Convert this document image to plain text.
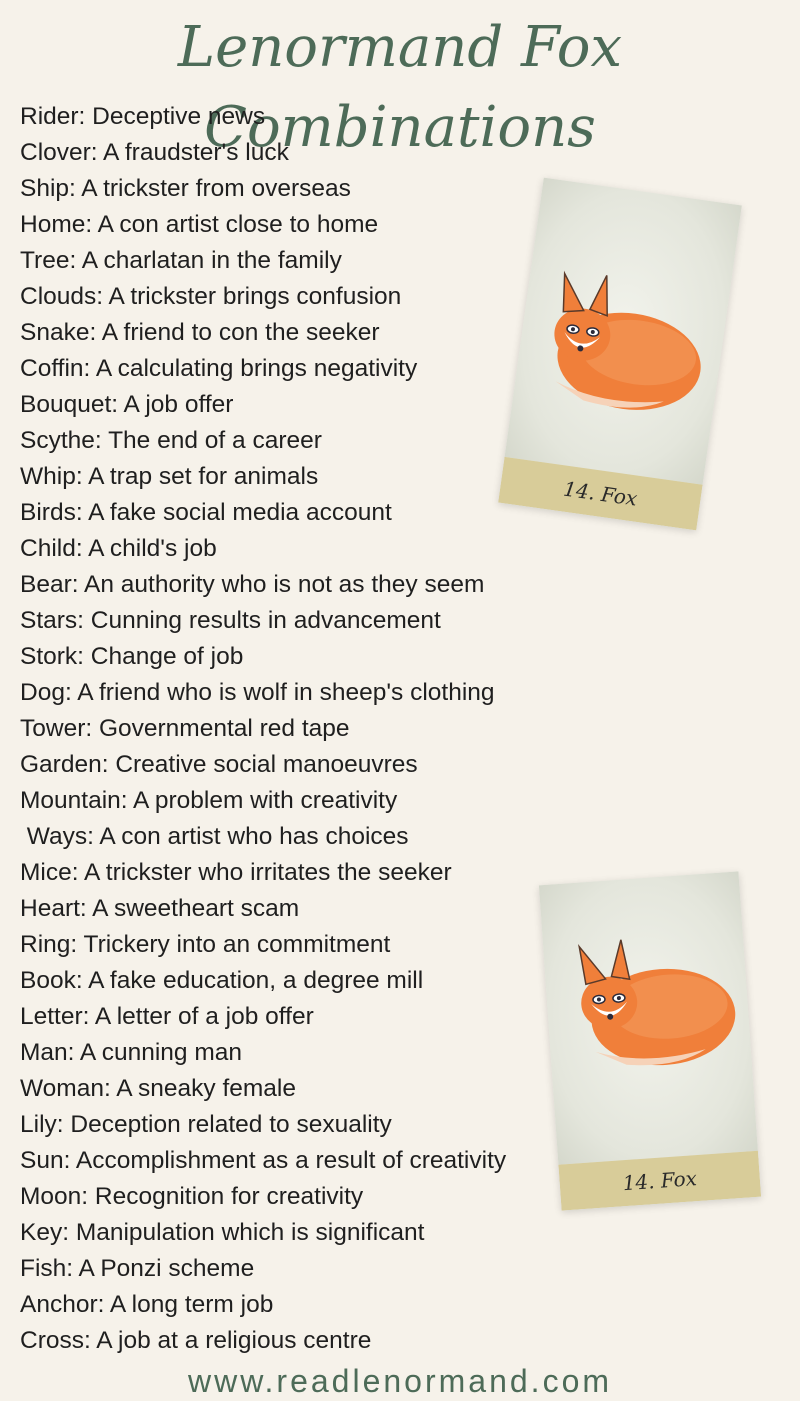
Lenormand Fox Combinations
Rider: Deceptive news
Clover: A fraudster's luck
Ship: A trickster from overseas
Home: A con artist close to home
Tree: A charlatan in the family
Clouds: A trickster brings confusion
Snake: A friend to con the seeker
Coffin: A calculating brings negativity
Bouquet: A job offer
Scythe: The end of a career
Whip: A trap set for animals
Birds: A fake social media account
Child: A child's job
Bear: An authority who is not as they seem
Stars: Cunning results in advancement
Stork: Change of job
Dog: A friend who is wolf in sheep's clothing
Tower: Governmental red tape
Garden: Creative social manoeuvres
Mountain: A problem with creativity
Ways: A con artist who has choices
Mice: A trickster who irritates the seeker
Heart: A sweetheart scam
Ring: Trickery into an commitment
Book: A fake education, a degree mill
Letter: A letter of a job offer
Man: A cunning man
Woman: A sneaky female
Lily: Deception related to sexuality
Sun: Accomplishment as a result of creativity
Moon: Recognition for creativity
Key: Manipulation which is significant
Fish: A Ponzi scheme
Anchor: A long term job
Cross: A job at a religious centre
14. Fox
14. Fox
www.readlenormand.com
